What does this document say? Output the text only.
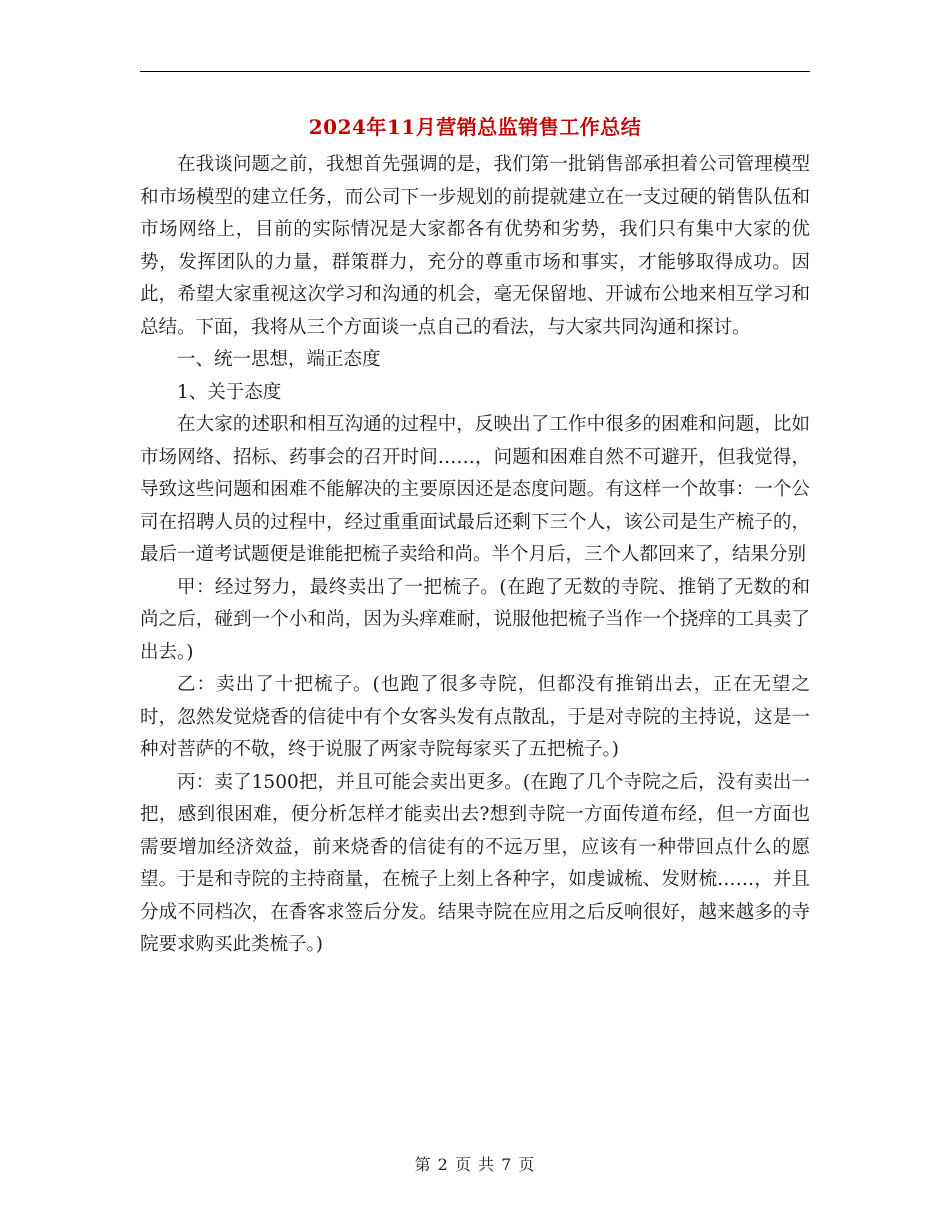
2024年11月营销总监销售工作总结

在我谈问题之前，我想首先强调的是，我们第一批销售部承担着公司管理模型和市场模型的建立任务，而公司下一步规划的前提就建立在一支过硬的销售队伍和市场网络上，目前的实际情况是大家都各有优势和劣势，我们只有集中大家的优势，发挥团队的力量，群策群力，充分的尊重市场和事实，才能够取得成功。因此，希望大家重视这次学习和沟通的机会，毫无保留地、开诚布公地来相互学习和总结。下面，我将从三个方面谈一点自己的看法，与大家共同沟通和探讨。

一、统一思想，端正态度

1、关于态度

在大家的述职和相互沟通的过程中，反映出了工作中很多的困难和问题，比如市场网络、招标、药事会的召开时间……，问题和困难自然不可避开，但我觉得，导致这些问题和困难不能解决的主要原因还是态度问题。有这样一个故事：一个公司在招聘人员的过程中，经过重重面试最后还剩下三个人，该公司是生产梳子的，最后一道考试题便是谁能把梳子卖给和尚。半个月后，三个人都回来了，结果分别

甲：经过努力，最终卖出了一把梳子。(在跑了无数的寺院、推销了无数的和尚之后，碰到一个小和尚，因为头痒难耐，说服他把梳子当作一个挠痒的工具卖了出去。)

乙：卖出了十把梳子。(也跑了很多寺院，但都没有推销出去，正在无望之时，忽然发觉烧香的信徒中有个女客头发有点散乱，于是对寺院的主持说，这是一种对菩萨的不敬，终于说服了两家寺院每家买了五把梳子。)

丙：卖了1500把，并且可能会卖出更多。(在跑了几个寺院之后，没有卖出一把，感到很困难，便分析怎样才能卖出去?想到寺院一方面传道布经，但一方面也需要增加经济效益，前来烧香的信徒有的不远万里，应该有一种带回点什么的愿望。于是和寺院的主持商量，在梳子上刻上各种字，如虔诚梳、发财梳……，并且分成不同档次，在香客求签后分发。结果寺院在应用之后反响很好，越来越多的寺院要求购买此类梳子。)

第 2 页 共 7 页
